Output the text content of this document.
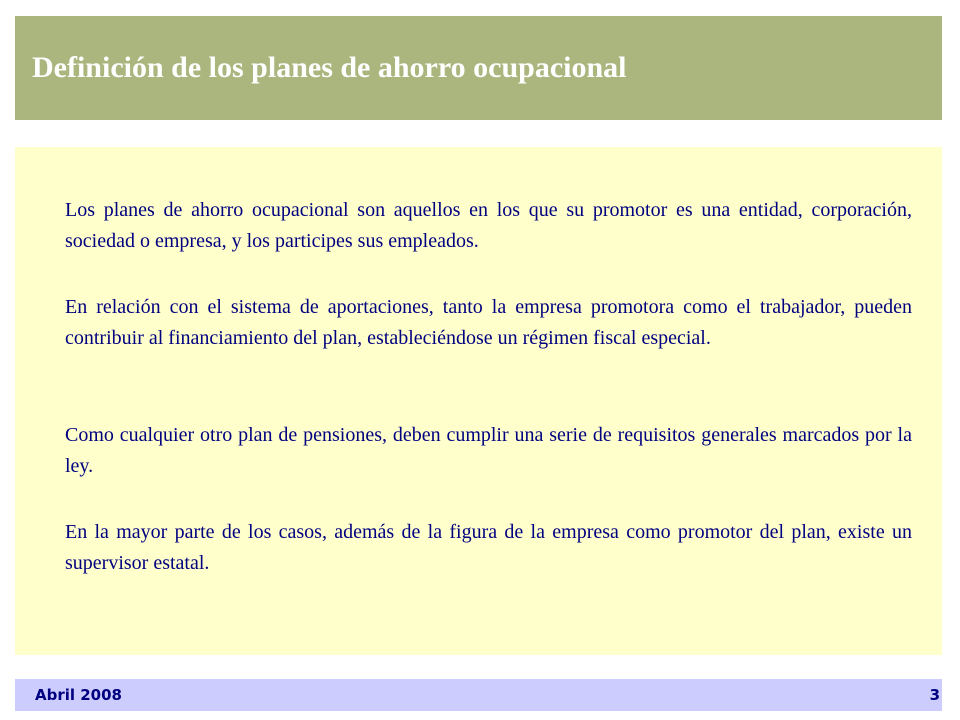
Definición de los planes de ahorro ocupacional

Los planes de ahorro ocupacional son aquellos en los que su promotor es una entidad, corporación, sociedad o empresa, y los participes sus empleados.

En relación con el sistema de aportaciones, tanto la empresa promotora como el trabajador, pueden contribuir al financiamiento del plan, estableciéndose un régimen fiscal especial.

Como cualquier otro plan de pensiones, deben cumplir una serie de requisitos generales marcados por la ley.

En la mayor parte de los casos, además de la figura de la empresa como promotor del plan, existe un supervisor estatal.

Abril 2008	3
